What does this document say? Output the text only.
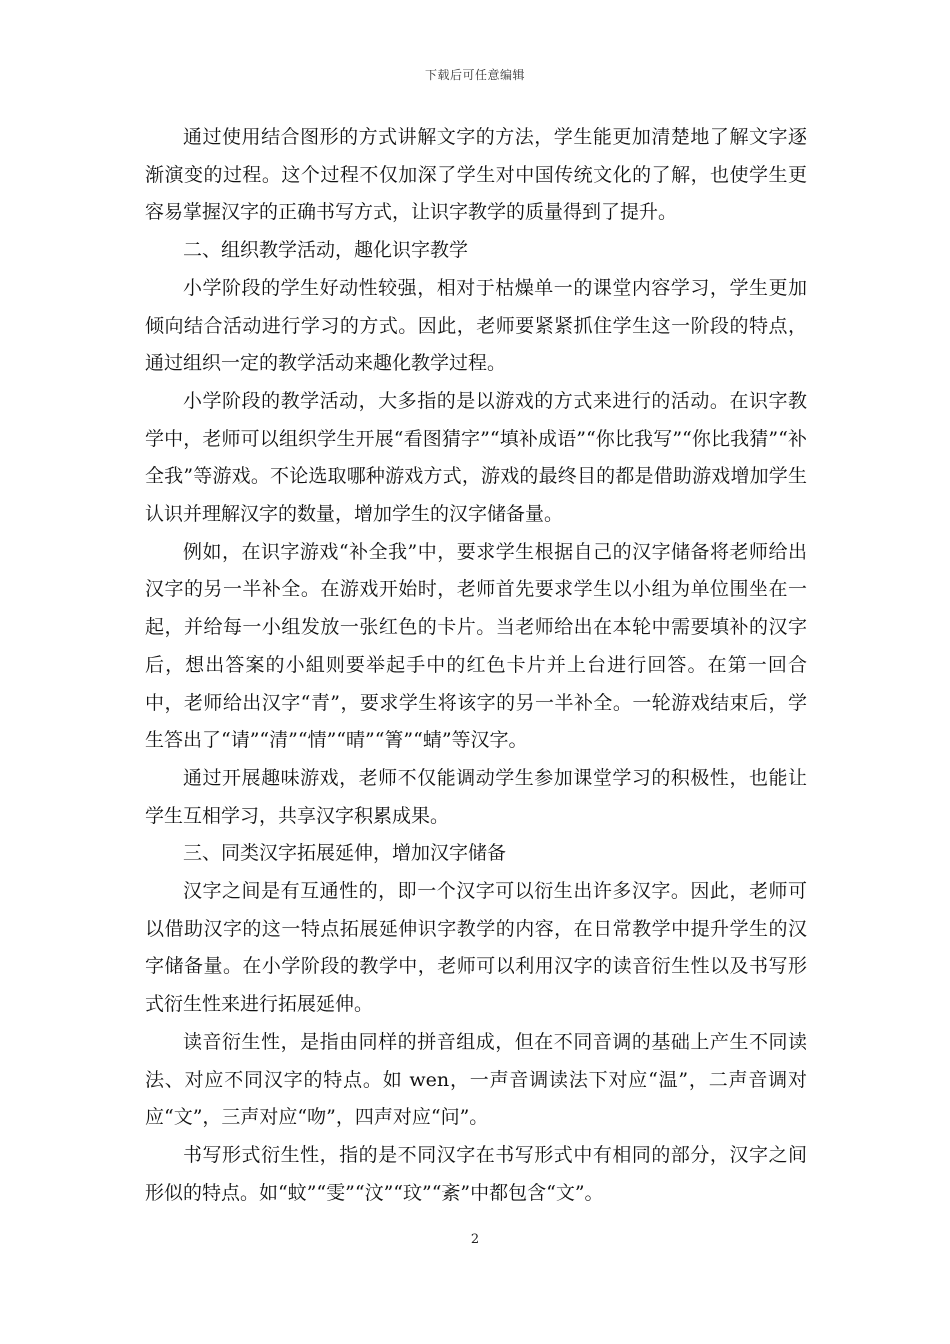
下载后可任意编辑

通过使用结合图形的方式讲解文字的方法，学生能更加清楚地了解文字逐渐演变的过程。这个过程不仅加深了学生对中国传统文化的了解，也使学生更容易掌握汉字的正确书写方式，让识字教学的质量得到了提升。

二、组织教学活动，趣化识字教学

小学阶段的学生好动性较强，相对于枯燥单一的课堂内容学习，学生更加倾向结合活动进行学习的方式。因此，老师要紧紧抓住学生这一阶段的特点，通过组织一定的教学活动来趣化教学过程。

小学阶段的教学活动，大多指的是以游戏的方式来进行的活动。在识字教学中，老师可以组织学生开展“看图猜字”“填补成语”“你比我写”“你比我猜”“补全我”等游戏。不论选取哪种游戏方式，游戏的最终目的都是借助游戏增加学生认识并理解汉字的数量，增加学生的汉字储备量。

例如，在识字游戏“补全我”中，要求学生根据自己的汉字储备将老师给出汉字的另一半补全。在游戏开始时，老师首先要求学生以小组为单位围坐在一起，并给每一小组发放一张红色的卡片。当老师给出在本轮中需要填补的汉字后，想出答案的小組则要举起手中的红色卡片并上台进行回答。在第一回合中，老师给出汉字“青”，要求学生将该字的另一半补全。一轮游戏结束后，学生答出了“请”“清”“情”“晴”“箐”“蜻”等汉字。

通过开展趣味游戏，老师不仅能调动学生参加课堂学习的积极性，也能让学生互相学习，共享汉字积累成果。

三、同类汉字拓展延伸，增加汉字储备

汉字之间是有互通性的，即一个汉字可以衍生出许多汉字。因此，老师可以借助汉字的这一特点拓展延伸识字教学的内容，在日常教学中提升学生的汉字储备量。在小学阶段的教学中，老师可以利用汉字的读音衍生性以及书写形式衍生性来进行拓展延伸。

读音衍生性，是指由同样的拼音组成，但在不同音调的基础上产生不同读法、对应不同汉字的特点。如 wen，一声音调读法下对应“温”，二声音调对应“文”，三声对应“吻”，四声对应“问”。

书写形式衍生性，指的是不同汉字在书写形式中有相同的部分，汉字之间形似的特点。如“蚊”“雯”“汶”“玟”“紊”中都包含“文”。

2
